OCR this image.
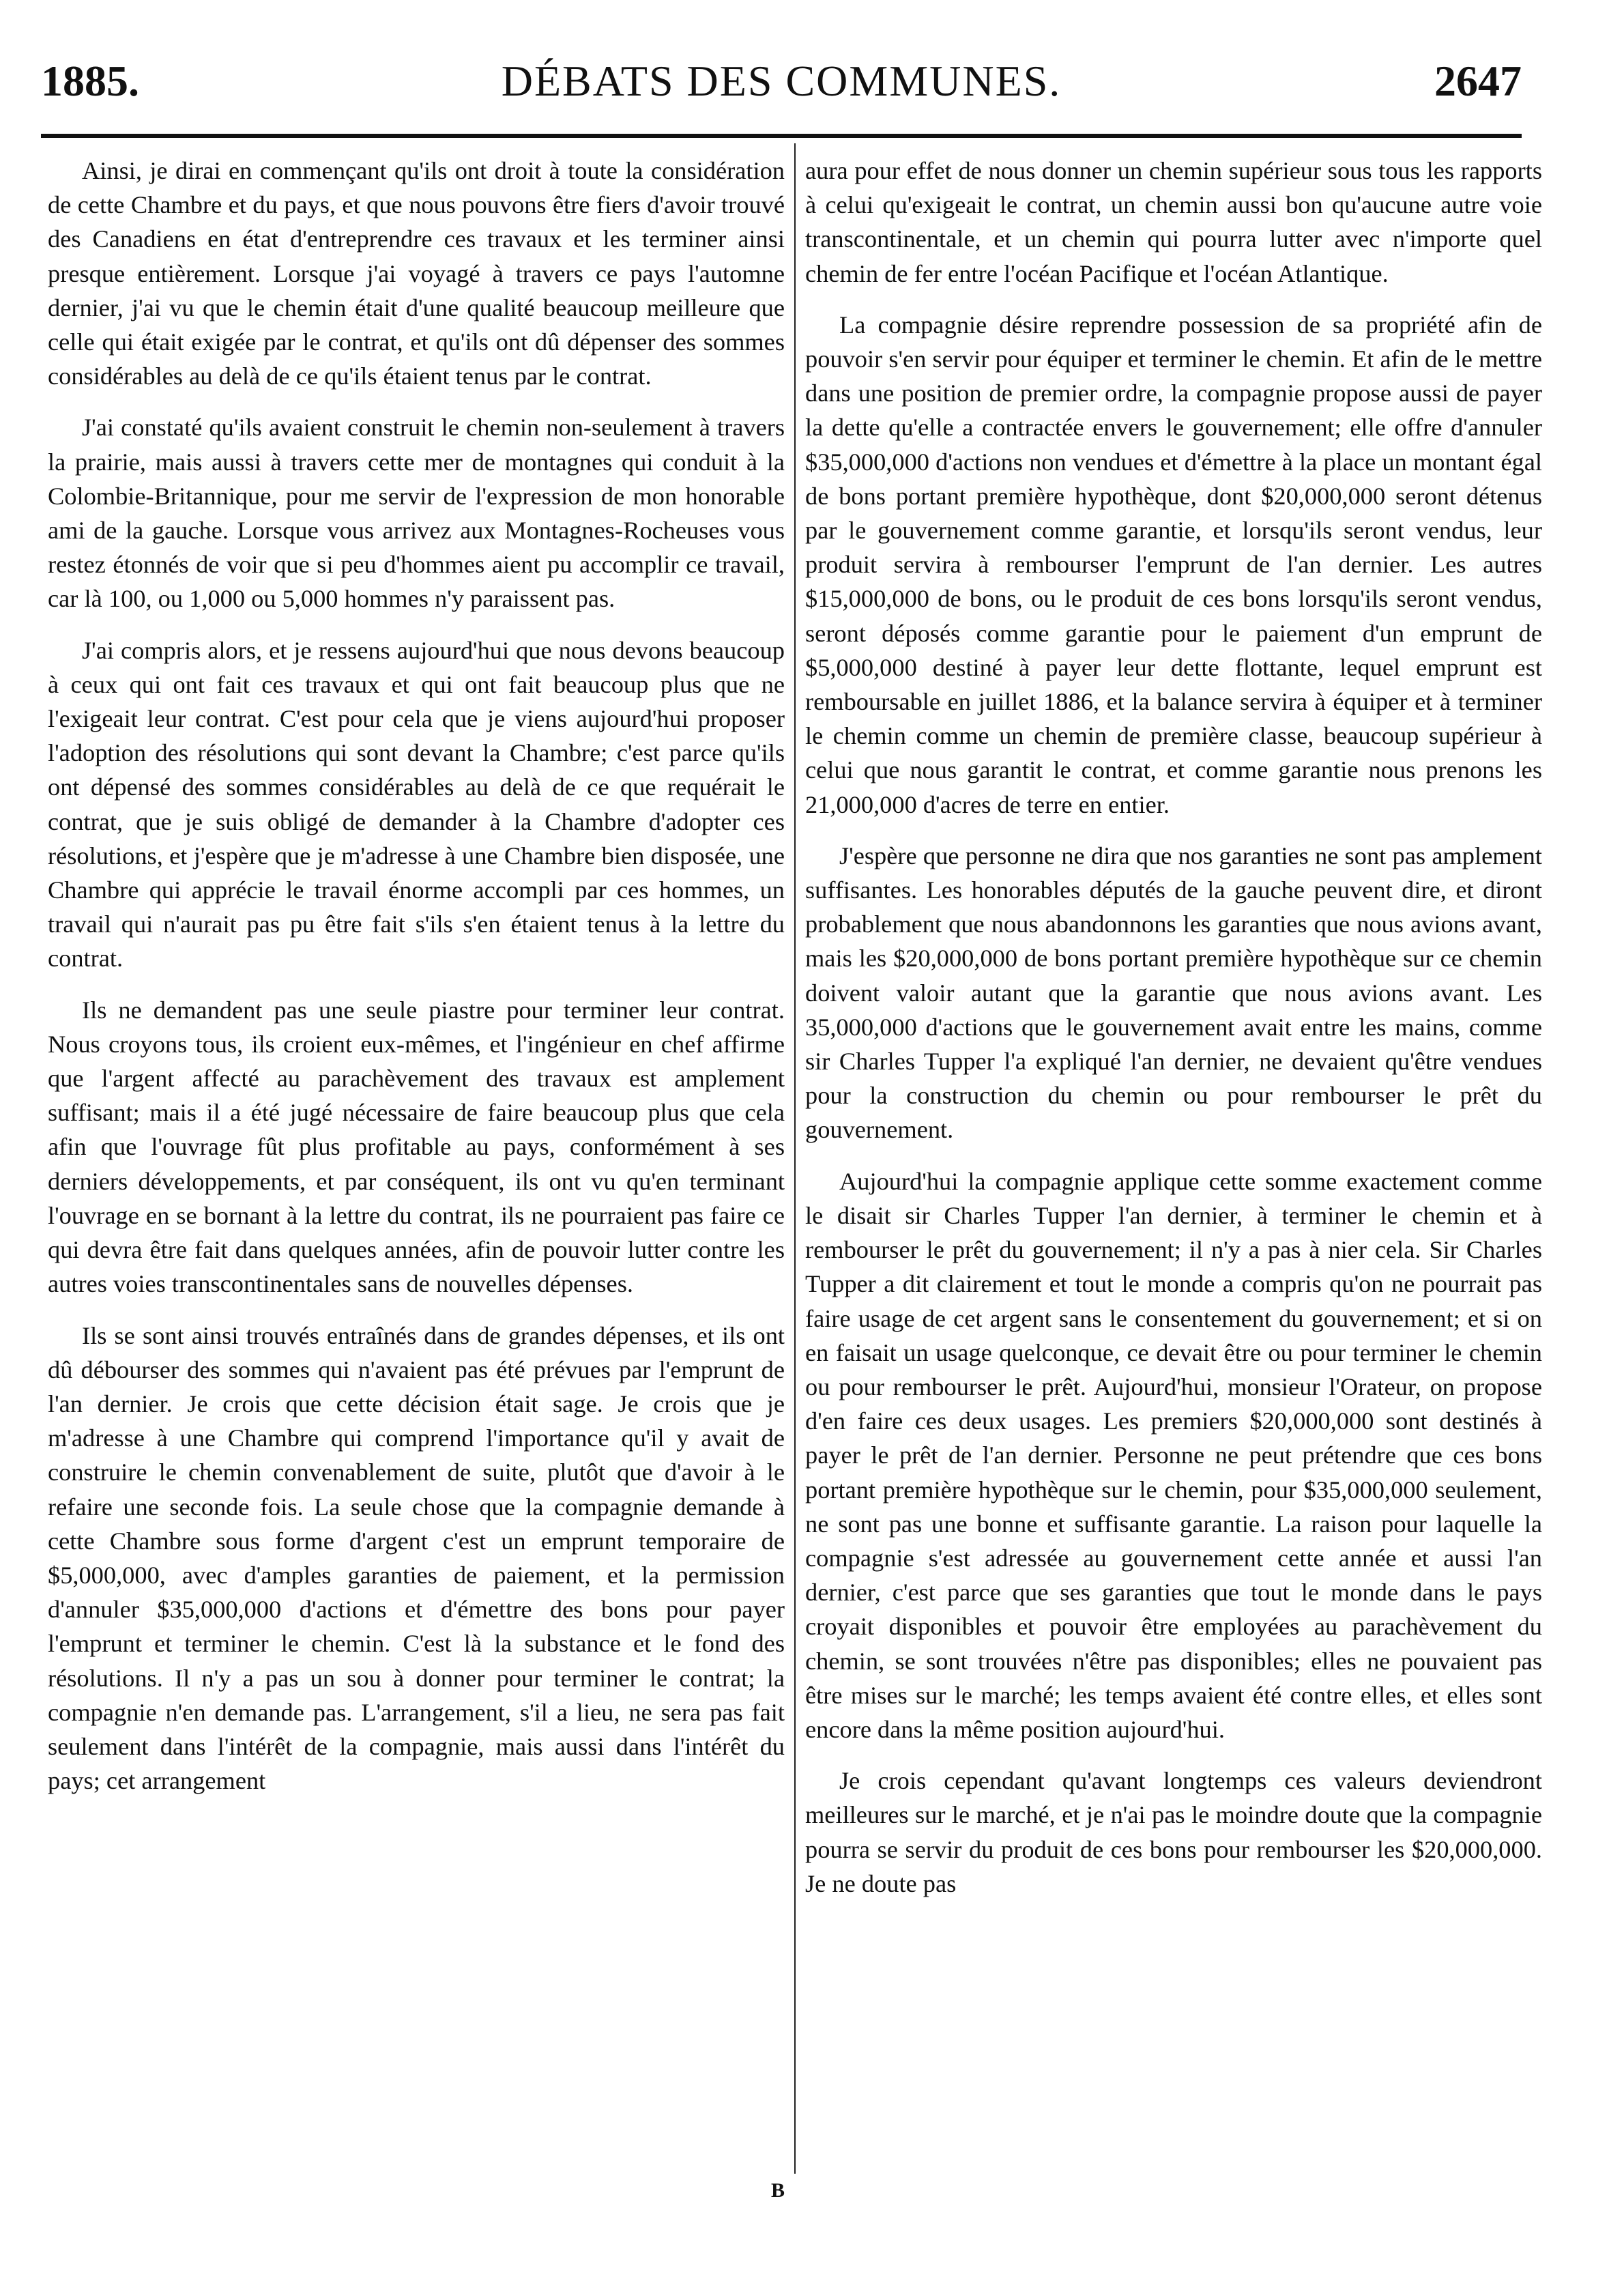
1885.	DÉBATS DES COMMUNES.	2647

Ainsi, je dirai en commençant qu'ils ont droit à toute la considération de cette Chambre et du pays, et que nous pouvons être fiers d'avoir trouvé des Canadiens en état d'entreprendre ces travaux et les terminer ainsi presque entièrement. Lorsque j'ai voyagé à travers ce pays l'automne dernier, j'ai vu que le chemin était d'une qualité beaucoup meilleure que celle qui était exigée par le contrat, et qu'ils ont dû dépenser des sommes considérables au delà de ce qu'ils étaient tenus par le contrat.

J'ai constaté qu'ils avaient construit le chemin non-seulement à travers la prairie, mais aussi à travers cette mer de montagnes qui conduit à la Colombie-Britannique, pour me servir de l'expression de mon honorable ami de la gauche. Lorsque vous arrivez aux Montagnes-Rocheuses vous restez étonnés de voir que si peu d'hommes aient pu accomplir ce travail, car là 100, ou 1,000 ou 5,000 hommes n'y paraissent pas.

J'ai compris alors, et je ressens aujourd'hui que nous devons beaucoup à ceux qui ont fait ces travaux et qui ont fait beaucoup plus que ne l'exigeait leur contrat. C'est pour cela que je viens aujourd'hui proposer l'adoption des résolutions qui sont devant la Chambre; c'est parce qu'ils ont dépensé des sommes considérables au delà de ce que requérait le contrat, que je suis obligé de demander à la Chambre d'adopter ces résolutions, et j'espère que je m'adresse à une Chambre bien disposée, une Chambre qui apprécie le travail énorme accompli par ces hommes, un travail qui n'aurait pas pu être fait s'ils s'en étaient tenus à la lettre du contrat.

Ils ne demandent pas une seule piastre pour terminer leur contrat. Nous croyons tous, ils croient eux-mêmes, et l'ingénieur en chef affirme que l'argent affecté au parachèvement des travaux est amplement suffisant; mais il a été jugé nécessaire de faire beaucoup plus que cela afin que l'ouvrage fût plus profitable au pays, conformément à ses derniers développements, et par conséquent, ils ont vu qu'en terminant l'ouvrage en se bornant à la lettre du contrat, ils ne pourraient pas faire ce qui devra être fait dans quelques années, afin de pouvoir lutter contre les autres voies transcontinentales sans de nouvelles dépenses.

Ils se sont ainsi trouvés entraînés dans de grandes dépenses, et ils ont dû débourser des sommes qui n'avaient pas été prévues par l'emprunt de l'an dernier. Je crois que cette décision était sage. Je crois que je m'adresse à une Chambre qui comprend l'importance qu'il y avait de construire le chemin convenablement de suite, plutôt que d'avoir à le refaire une seconde fois. La seule chose que la compagnie demande à cette Chambre sous forme d'argent c'est un emprunt temporaire de $5,000,000, avec d'amples garanties de paiement, et la permission d'annuler $35,000,000 d'actions et d'émettre des bons pour payer l'emprunt et terminer le chemin. C'est là la substance et le fond des résolutions. Il n'y a pas un sou à donner pour terminer le contrat; la compagnie n'en demande pas. L'arrangement, s'il a lieu, ne sera pas fait seulement dans l'intérêt de la compagnie, mais aussi dans l'intérêt du pays; cet arrangement

aura pour effet de nous donner un chemin supérieur sous tous les rapports à celui qu'exigeait le contrat, un chemin aussi bon qu'aucune autre voie transcontinentale, et un chemin qui pourra lutter avec n'importe quel chemin de fer entre l'océan Pacifique et l'océan Atlantique.

La compagnie désire reprendre possession de sa propriété afin de pouvoir s'en servir pour équiper et terminer le chemin. Et afin de le mettre dans une position de premier ordre, la compagnie propose aussi de payer la dette qu'elle a contractée envers le gouvernement; elle offre d'annuler $35,000,000 d'actions non vendues et d'émettre à la place un montant égal de bons portant première hypothèque, dont $20,000,000 seront détenus par le gouvernement comme garantie, et lorsqu'ils seront vendus, leur produit servira à rembourser l'emprunt de l'an dernier. Les autres $15,000,000 de bons, ou le produit de ces bons lorsqu'ils seront vendus, seront déposés comme garantie pour le paiement d'un emprunt de $5,000,000 destiné à payer leur dette flottante, lequel emprunt est remboursable en juillet 1886, et la balance servira à équiper et à terminer le chemin comme un chemin de première classe, beaucoup supérieur à celui que nous garantit le contrat, et comme garantie nous prenons les 21,000,000 d'acres de terre en entier.

J'espère que personne ne dira que nos garanties ne sont pas amplement suffisantes. Les honorables députés de la gauche peuvent dire, et diront probablement que nous abandonnons les garanties que nous avions avant, mais les $20,000,000 de bons portant première hypothèque sur ce chemin doivent valoir autant que la garantie que nous avions avant. Les 35,000,000 d'actions que le gouvernement avait entre les mains, comme sir Charles Tupper l'a expliqué l'an dernier, ne devaient qu'être vendues pour la construction du chemin ou pour rembourser le prêt du gouvernement.

Aujourd'hui la compagnie applique cette somme exactement comme le disait sir Charles Tupper l'an dernier, à terminer le chemin et à rembourser le prêt du gouvernement; il n'y a pas à nier cela. Sir Charles Tupper a dit clairement et tout le monde a compris qu'on ne pourrait pas faire usage de cet argent sans le consentement du gouvernement; et si on en faisait un usage quelconque, ce devait être ou pour terminer le chemin ou pour rembourser le prêt. Aujourd'hui, monsieur l'Orateur, on propose d'en faire ces deux usages. Les premiers $20,000,000 sont destinés à payer le prêt de l'an dernier. Personne ne peut prétendre que ces bons portant première hypothèque sur le chemin, pour $35,000,000 seulement, ne sont pas une bonne et suffisante garantie. La raison pour laquelle la compagnie s'est adressée au gouvernement cette année et aussi l'an dernier, c'est parce que ses garanties que tout le monde dans le pays croyait disponibles et pouvoir être employées au parachèvement du chemin, se sont trouvées n'être pas disponibles; elles ne pouvaient pas être mises sur le marché; les temps avaient été contre elles, et elles sont encore dans la même position aujourd'hui.

Je crois cependant qu'avant longtemps ces valeurs deviendront meilleures sur le marché, et je n'ai pas le moindre doute que la compagnie pourra se servir du produit de ces bons pour rembourser les $20,000,000. Je ne doute pas

B
